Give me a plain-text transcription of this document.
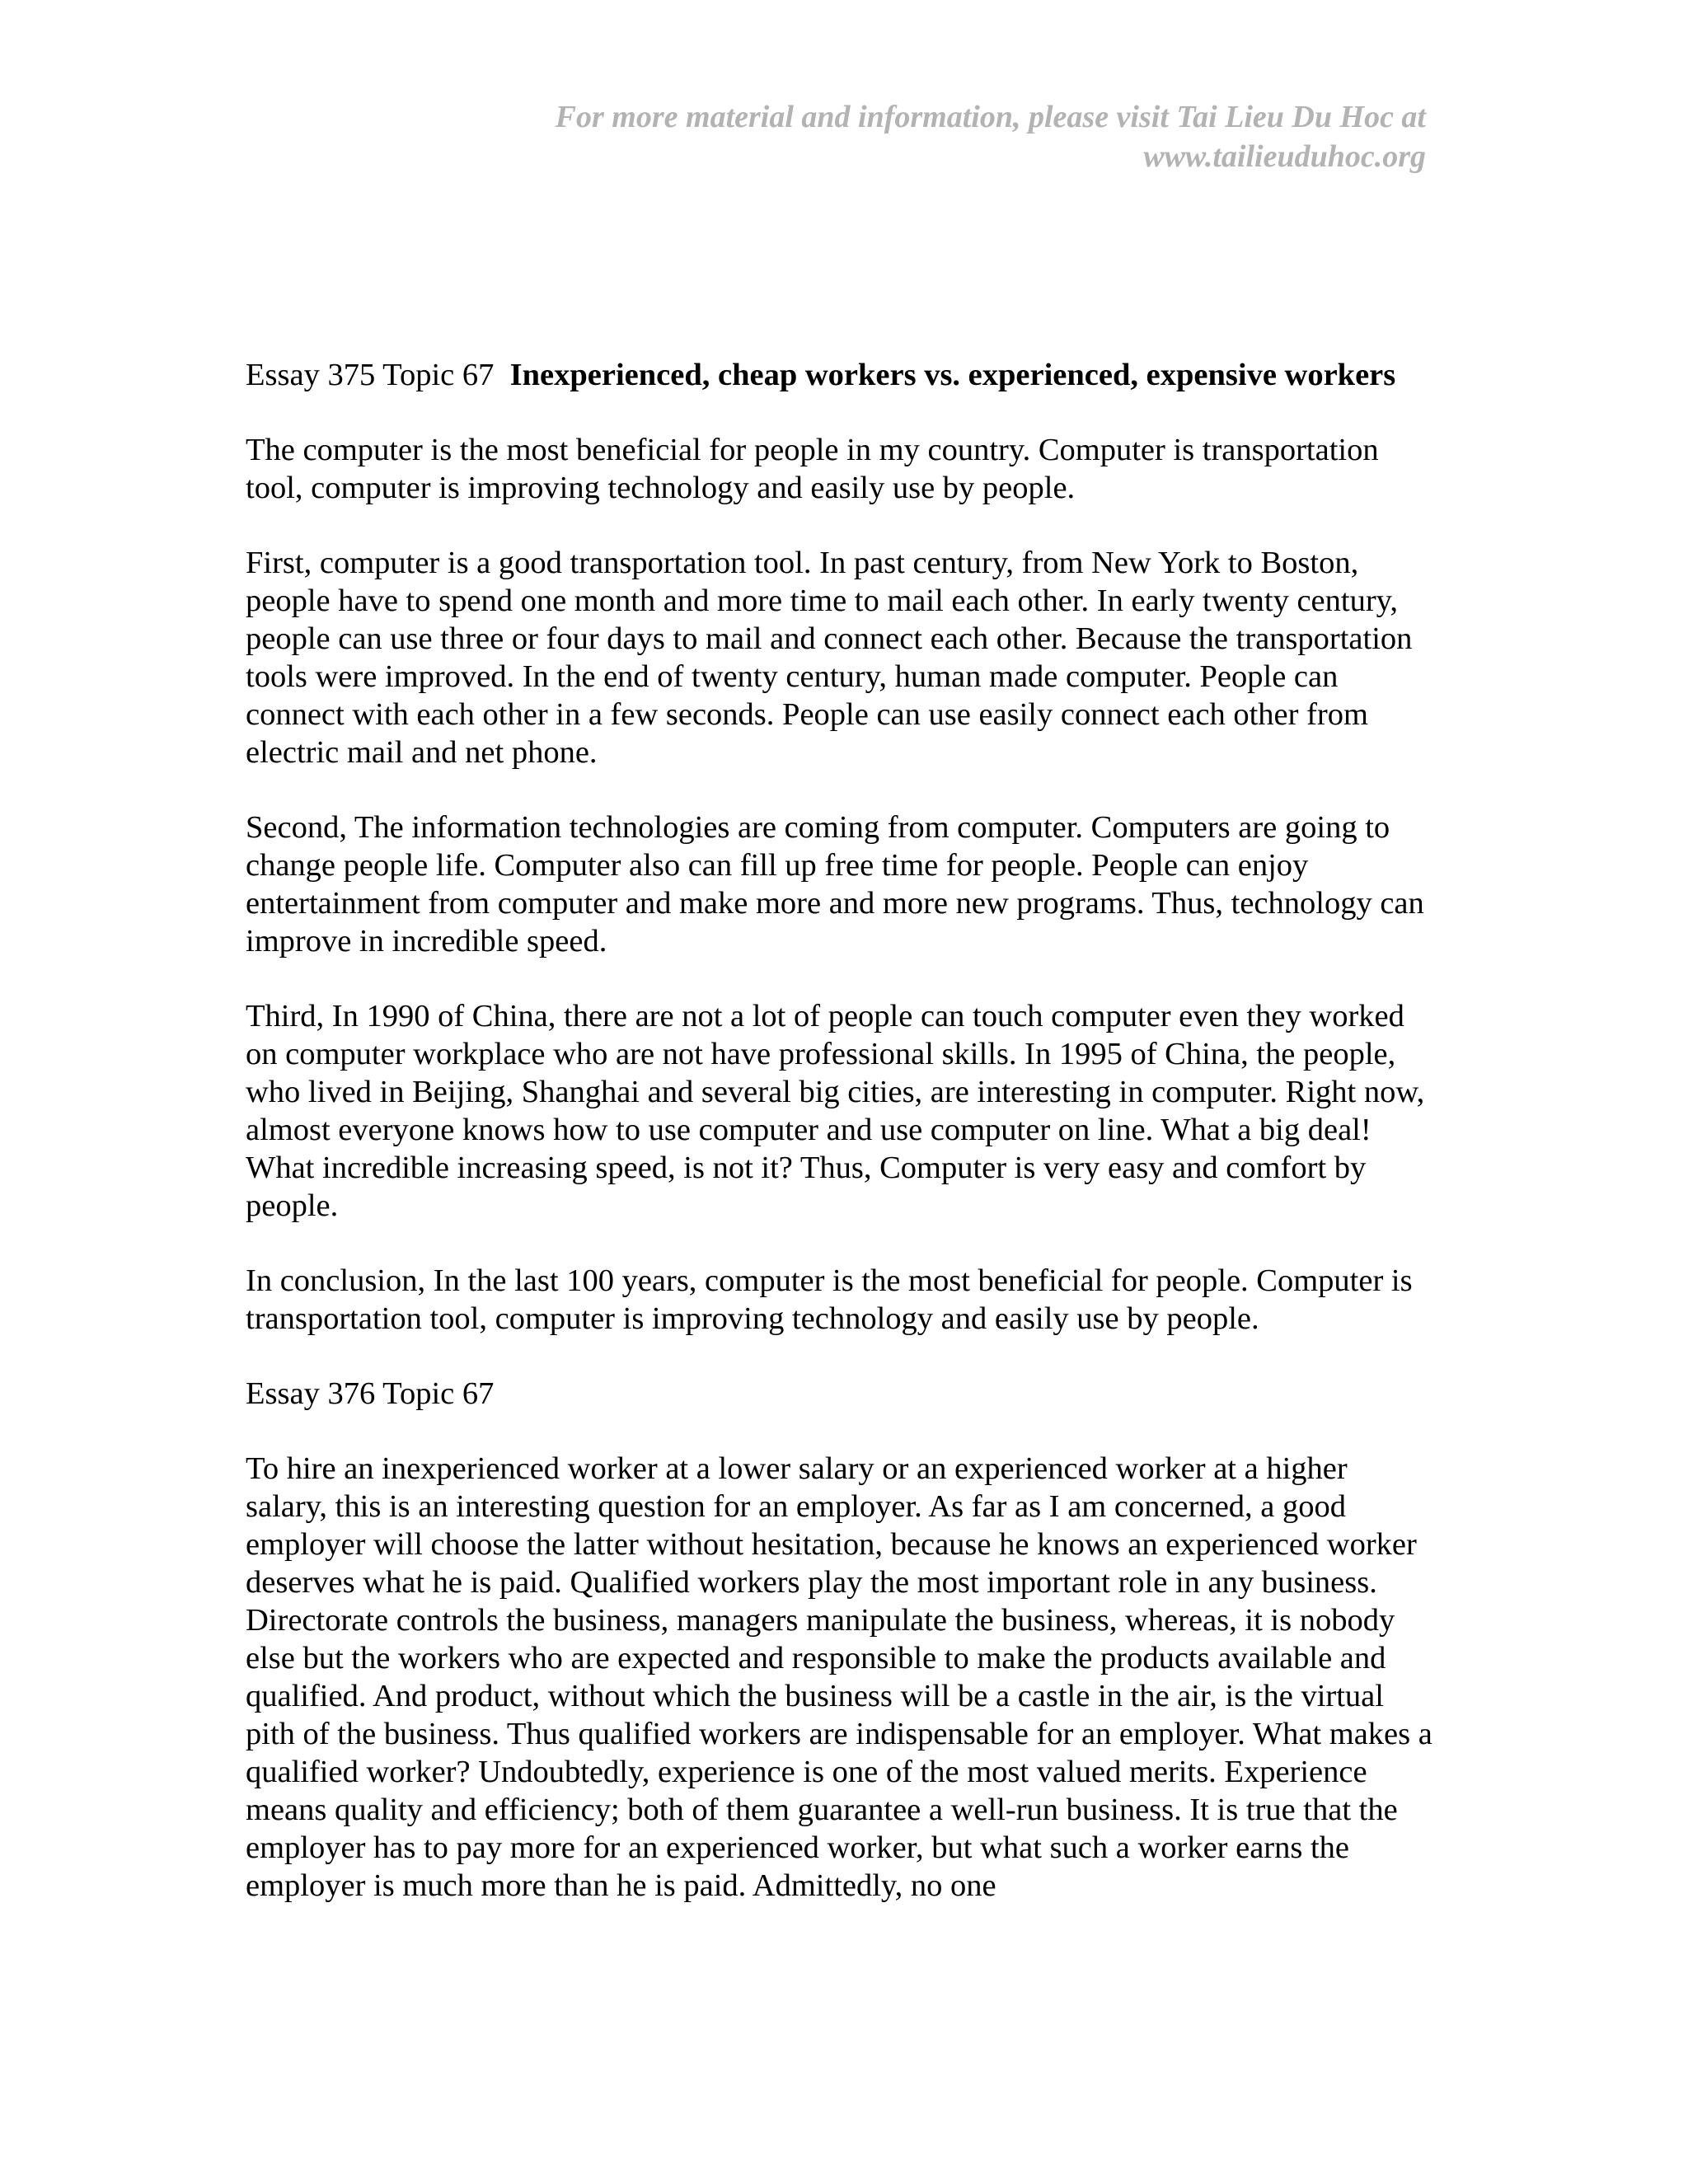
For more material and information, please visit Tai Lieu Du Hoc at
www.tailieuduhoc.org
Essay 375 Topic 67 Inexperienced, cheap workers vs. experienced, expensive workers

The computer is the most beneficial for people in my country. Computer is transportation tool, computer is improving technology and easily use by people.

First, computer is a good transportation tool. In past century, from New York to Boston, people have to spend one month and more time to mail each other. In early twenty century, people can use three or four days to mail and connect each other. Because the transportation tools were improved. In the end of twenty century, human made computer. People can connect with each other in a few seconds. People can use easily connect each other from electric mail and net phone.

Second, The information technologies are coming from computer. Computers are going to change people life. Computer also can fill up free time for people. People can enjoy entertainment from computer and make more and more new programs. Thus, technology can improve in incredible speed.

Third, In 1990 of China, there are not a lot of people can touch computer even they worked on computer workplace who are not have professional skills. In 1995 of China, the people, who lived in Beijing, Shanghai and several big cities, are interesting in computer. Right now, almost everyone knows how to use computer and use computer on line. What a big deal! What incredible increasing speed, is not it? Thus, Computer is very easy and comfort by people.

In conclusion, In the last 100 years, computer is the most beneficial for people. Computer is transportation tool, computer is improving technology and easily use by people.

Essay 376 Topic 67

To hire an inexperienced worker at a lower salary or an experienced worker at a higher salary, this is an interesting question for an employer. As far as I am concerned, a good employer will choose the latter without hesitation, because he knows an experienced worker deserves what he is paid. Qualified workers play the most important role in any business. Directorate controls the business, managers manipulate the business, whereas, it is nobody else but the workers who are expected and responsible to make the products available and qualified. And product, without which the business will be a castle in the air, is the virtual pith of the business. Thus qualified workers are indispensable for an employer. What makes a qualified worker? Undoubtedly, experience is one of the most valued merits. Experience means quality and efficiency; both of them guarantee a well-run business. It is true that the employer has to pay more for an experienced worker, but what such a worker earns the employer is much more than he is paid. Admittedly, no one
